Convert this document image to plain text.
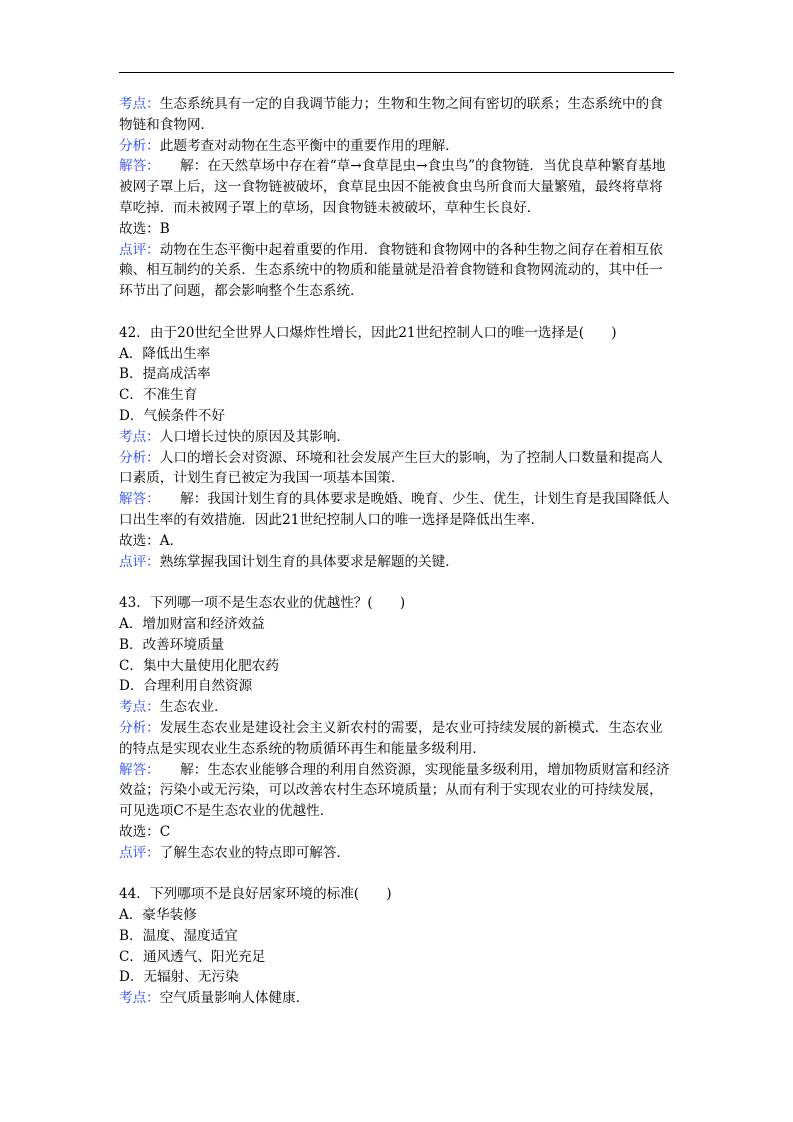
考点：生态系统具有一定的自我调节能力；生物和生物之间有密切的联系；生态系统中的食
物链和食物网．
分析：此题考查对动物在生态平衡中的重要作用的理解．
解答：　　解：在天然草场中存在着“草→食草昆虫→食虫鸟”的食物链．当优良草种繁育基地
被网子罩上后，这一食物链被破坏，食草昆虫因不能被食虫鸟所食而大量繁殖，最终将草将
草吃掉．而未被网子罩上的草场，因食物链未被破坏，草种生长良好．
故选：B
点评：动物在生态平衡中起着重要的作用．食物链和食物网中的各种生物之间存在着相互依
赖、相互制约的关系．生态系统中的物质和能量就是沿着食物链和食物网流动的，其中任一
环节出了问题，都会影响整个生态系统．
42．由于20世纪全世界人口爆炸性增长，因此21世纪控制人口的唯一选择是(　　)
A．降低出生率
B．提高成活率
C．不准生育
D．气候条件不好
考点：人口增长过快的原因及其影响．
分析：人口的增长会对资源、环境和社会发展产生巨大的影响，为了控制人口数量和提高人
口素质，计划生育已被定为我国一项基本国策．
解答：　　解：我国计划生育的具体要求是晚婚、晚育、少生、优生，计划生育是我国降低人
口出生率的有效措施．因此21世纪控制人口的唯一选择是降低出生率．
故选：A．
点评：熟练掌握我国计划生育的具体要求是解题的关键．
43．下列哪一项不是生态农业的优越性？(　　)
A．增加财富和经济效益
B．改善环境质量
C．集中大量使用化肥农药
D．合理利用自然资源
考点：生态农业．
分析：发展生态农业是建设社会主义新农村的需要，是农业可持续发展的新模式．生态农业
的特点是实现农业生态系统的物质循环再生和能量多级利用．
解答：　　解：生态农业能够合理的利用自然资源，实现能量多级利用，增加物质财富和经济
效益；污染小或无污染，可以改善农村生态环境质量；从而有利于实现农业的可持续发展，
可见选项C不是生态农业的优越性．
故选：C
点评：了解生态农业的特点即可解答．
44．下列哪项不是良好居家环境的标准(　　)
A．豪华装修
B．温度、湿度适宜
C．通风透气、阳光充足
D．无辐射、无污染
考点：空气质量影响人体健康．
